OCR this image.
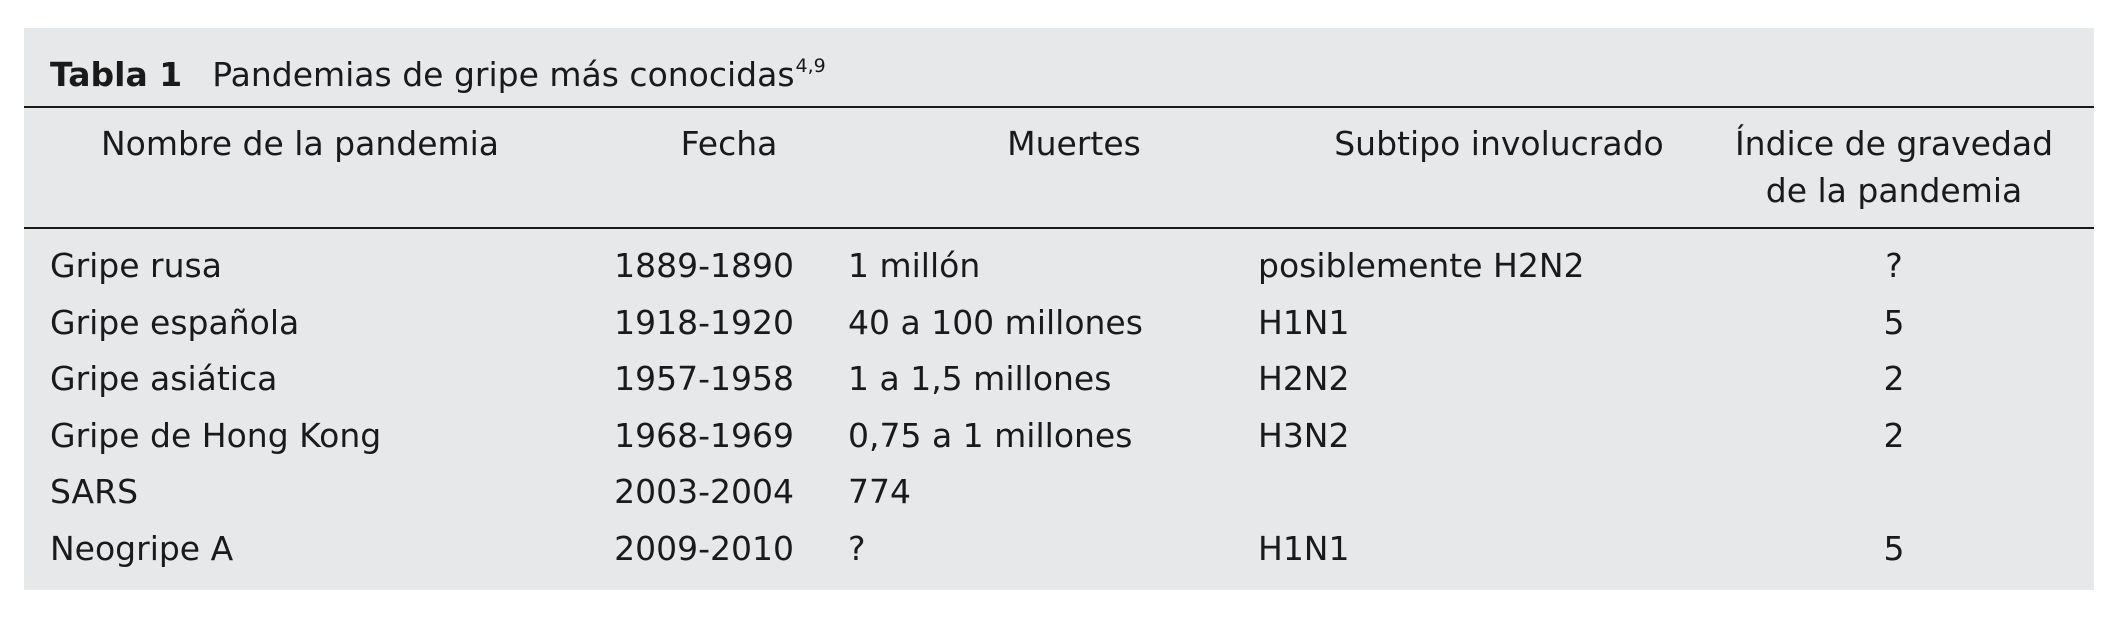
Tabla 1 Pandemias de gripe más conocidas$^{4,9}$
Nombre de la pandemia	Fecha	Muertes	Subtipo involucrado	Índice de gravedad
de la pandemia
Gripe rusa	1889-1890 1 millón	posiblemente H2N2	?
Gripe española	1918-1920 40 a 100 millones	H1N1	5
Gripe asiática	1957-1958 1 a 1,5 millones	H2N2	2
Gripe de Hong Kong	1968-1969 0,75 a 1 millones	H3N2	2
SARS	2003-2004 774
Neogripe A	2009-2010 ?	H1N1	5
